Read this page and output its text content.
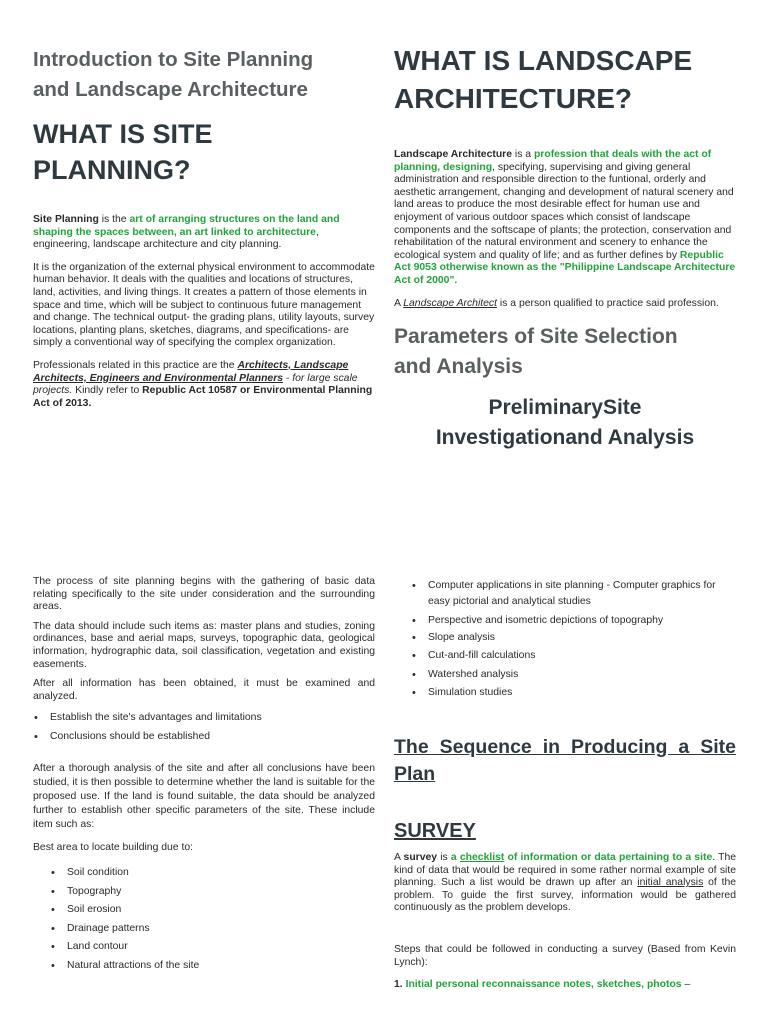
Introduction to Site Planning
and Landscape Architecture

WHAT IS SITE
PLANNING?

Site Planning is the art of arranging structures on the land and shaping the spaces between, an art linked to architecture, engineering, landscape architecture and city planning.

It is the organization of the external physical environment to accommodate human behavior. It deals with the qualities and locations of structures, land, activities, and living things. It creates a pattern of those elements in space and time, which will be subject to continuous future management and change. The technical output- the grading plans, utility layouts, survey locations, planting plans, sketches, diagrams, and specifications- are simply a conventional way of specifying the complex organization.

Professionals related in this practice are the Architects, Landscape Architects, Engineers and Environmental Planners - for large scale projects. Kindly refer to Republic Act 10587 or Environmental Planning Act of 2013.

WHAT IS LANDSCAPE
ARCHITECTURE?

Landscape Architecture is a profession that deals with the act of planning, designing, specifying, supervising and giving general administration and responsible direction to the funtional, orderly and aesthetic arrangement, changing and development of natural scenery and land areas to produce the most desirable effect for human use and enjoyment of various outdoor spaces which consist of landscape components and the softscape of plants; the protection, conservation and rehabilitation of the natural environment and scenery to enhance the ecological system and quality of life; and as further defines by Republic Act 9053 otherwise known as the "Philippine Landscape Architecture Act of 2000".

A Landscape Architect is a person qualified to practice said profession.

Parameters of Site Selection
and Analysis

PreliminarySite
Investigationand Analysis

The process of site planning begins with the gathering of basic data relating specifically to the site under consideration and the surrounding areas.

The data should include such items as: master plans and studies, zoning ordinances, base and aerial maps, surveys, topographic data, geological information, hydrographic data, soil classification, vegetation and existing easements.

After all information has been obtained, it must be examined and analyzed.

• Establish the site's advantages and limitations
• Conclusions should be established

After a thorough analysis of the site and after all conclusions have been studied, it is then possible to determine whether the land is suitable for the proposed use. If the land is found suitable, the data should be analyzed further to establish other specific parameters of the site. These include item such as:

Best area to locate building due to:

• Soil condition
• Topography
• Soil erosion
• Drainage patterns
• Land contour
• Natural attractions of the site
• Computer applications in site planning - Computer graphics for easy pictorial and analytical studies
• Perspective and isometric depictions of topography
• Slope analysis
• Cut-and-fill calculations
• Watershed analysis
• Simulation studies

The Sequence in Producing a Site Plan

SURVEY

A survey is a checklist of information or data pertaining to a site. The kind of data that would be required in some rather normal example of site planning. Such a list would be drawn up after an initial analysis of the problem. To guide the first survey, information would be gathered continuously as the problem develops.

Steps that could be followed in conducting a survey (Based from Kevin Lynch):

1. Initial personal reconnaissance notes, sketches, photos –
